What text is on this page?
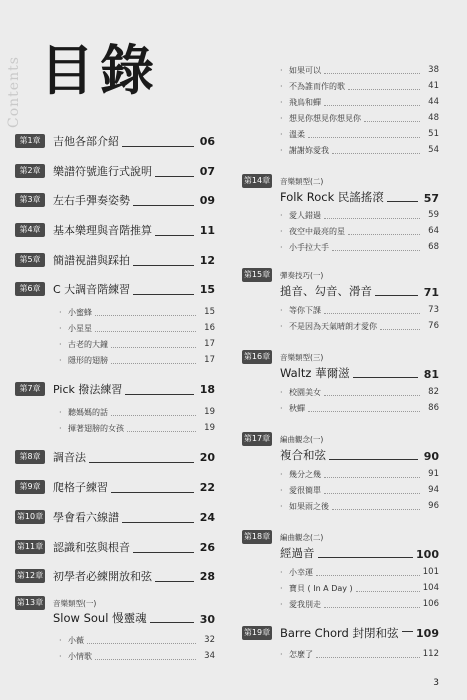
Contents 目錄
第1章	吉他各部介紹	06
第2章	樂譜符號進行式說明	07
第3章	左右手彈奏姿勢	09
第4章	基本樂理與音階推算	11
第5章	簡譜視譜與踩拍	12
第6章	C 大調音階練習	15
· 小蜜蜂	15
· 小星星	16
· 古老的大鐘	17
· 隱形的翅膀	17
第7章	Pick 撥法練習	18
· 聽媽媽的話	19
· 揮著翅膀的女孩	19
第8章	調音法	20
第9章	爬格子練習	22
第10章 學會看六線譜	24
第11章 認識和弦與根音	26
第12章 初學者必練開放和弦	28
第13章 音樂類型(一)
Slow Soul 慢靈魂	30
· 小薇	32
· 小情歌	34
· 如果可以	38
· 不為誰而作的歌	41
· 飛鳥和蟬	44
· 想見你想見你想見你	48
· 溫柔	51
· 謝謝妳愛我	54
第14章 音樂類型(二)
Folk Rock 民謠搖滾	57
· 愛人錯過	59
· 夜空中最亮的星	64
· 小手拉大手	68
第15章 彈奏技巧(一)
搥音、勾音、滑音	71
· 等你下課	73
· 不是因為天氣晴朗才愛你	76
第16章 音樂類型(三)
Waltz 華爾滋	81
· 校園美女	82
· 秋蟬	86
第17章 編曲觀念(一)
複合和弦	90
· 幾分之幾	91
· 愛很簡單	94
· 如果雨之後	96
第18章 編曲觀念(二)
經過音	100
· 小幸運	101
· 寶貝 ( In A Day )	104
· 愛我別走	106
第19章 Barre Chord 封閉和弦 109
· 怎麼了	112
3
